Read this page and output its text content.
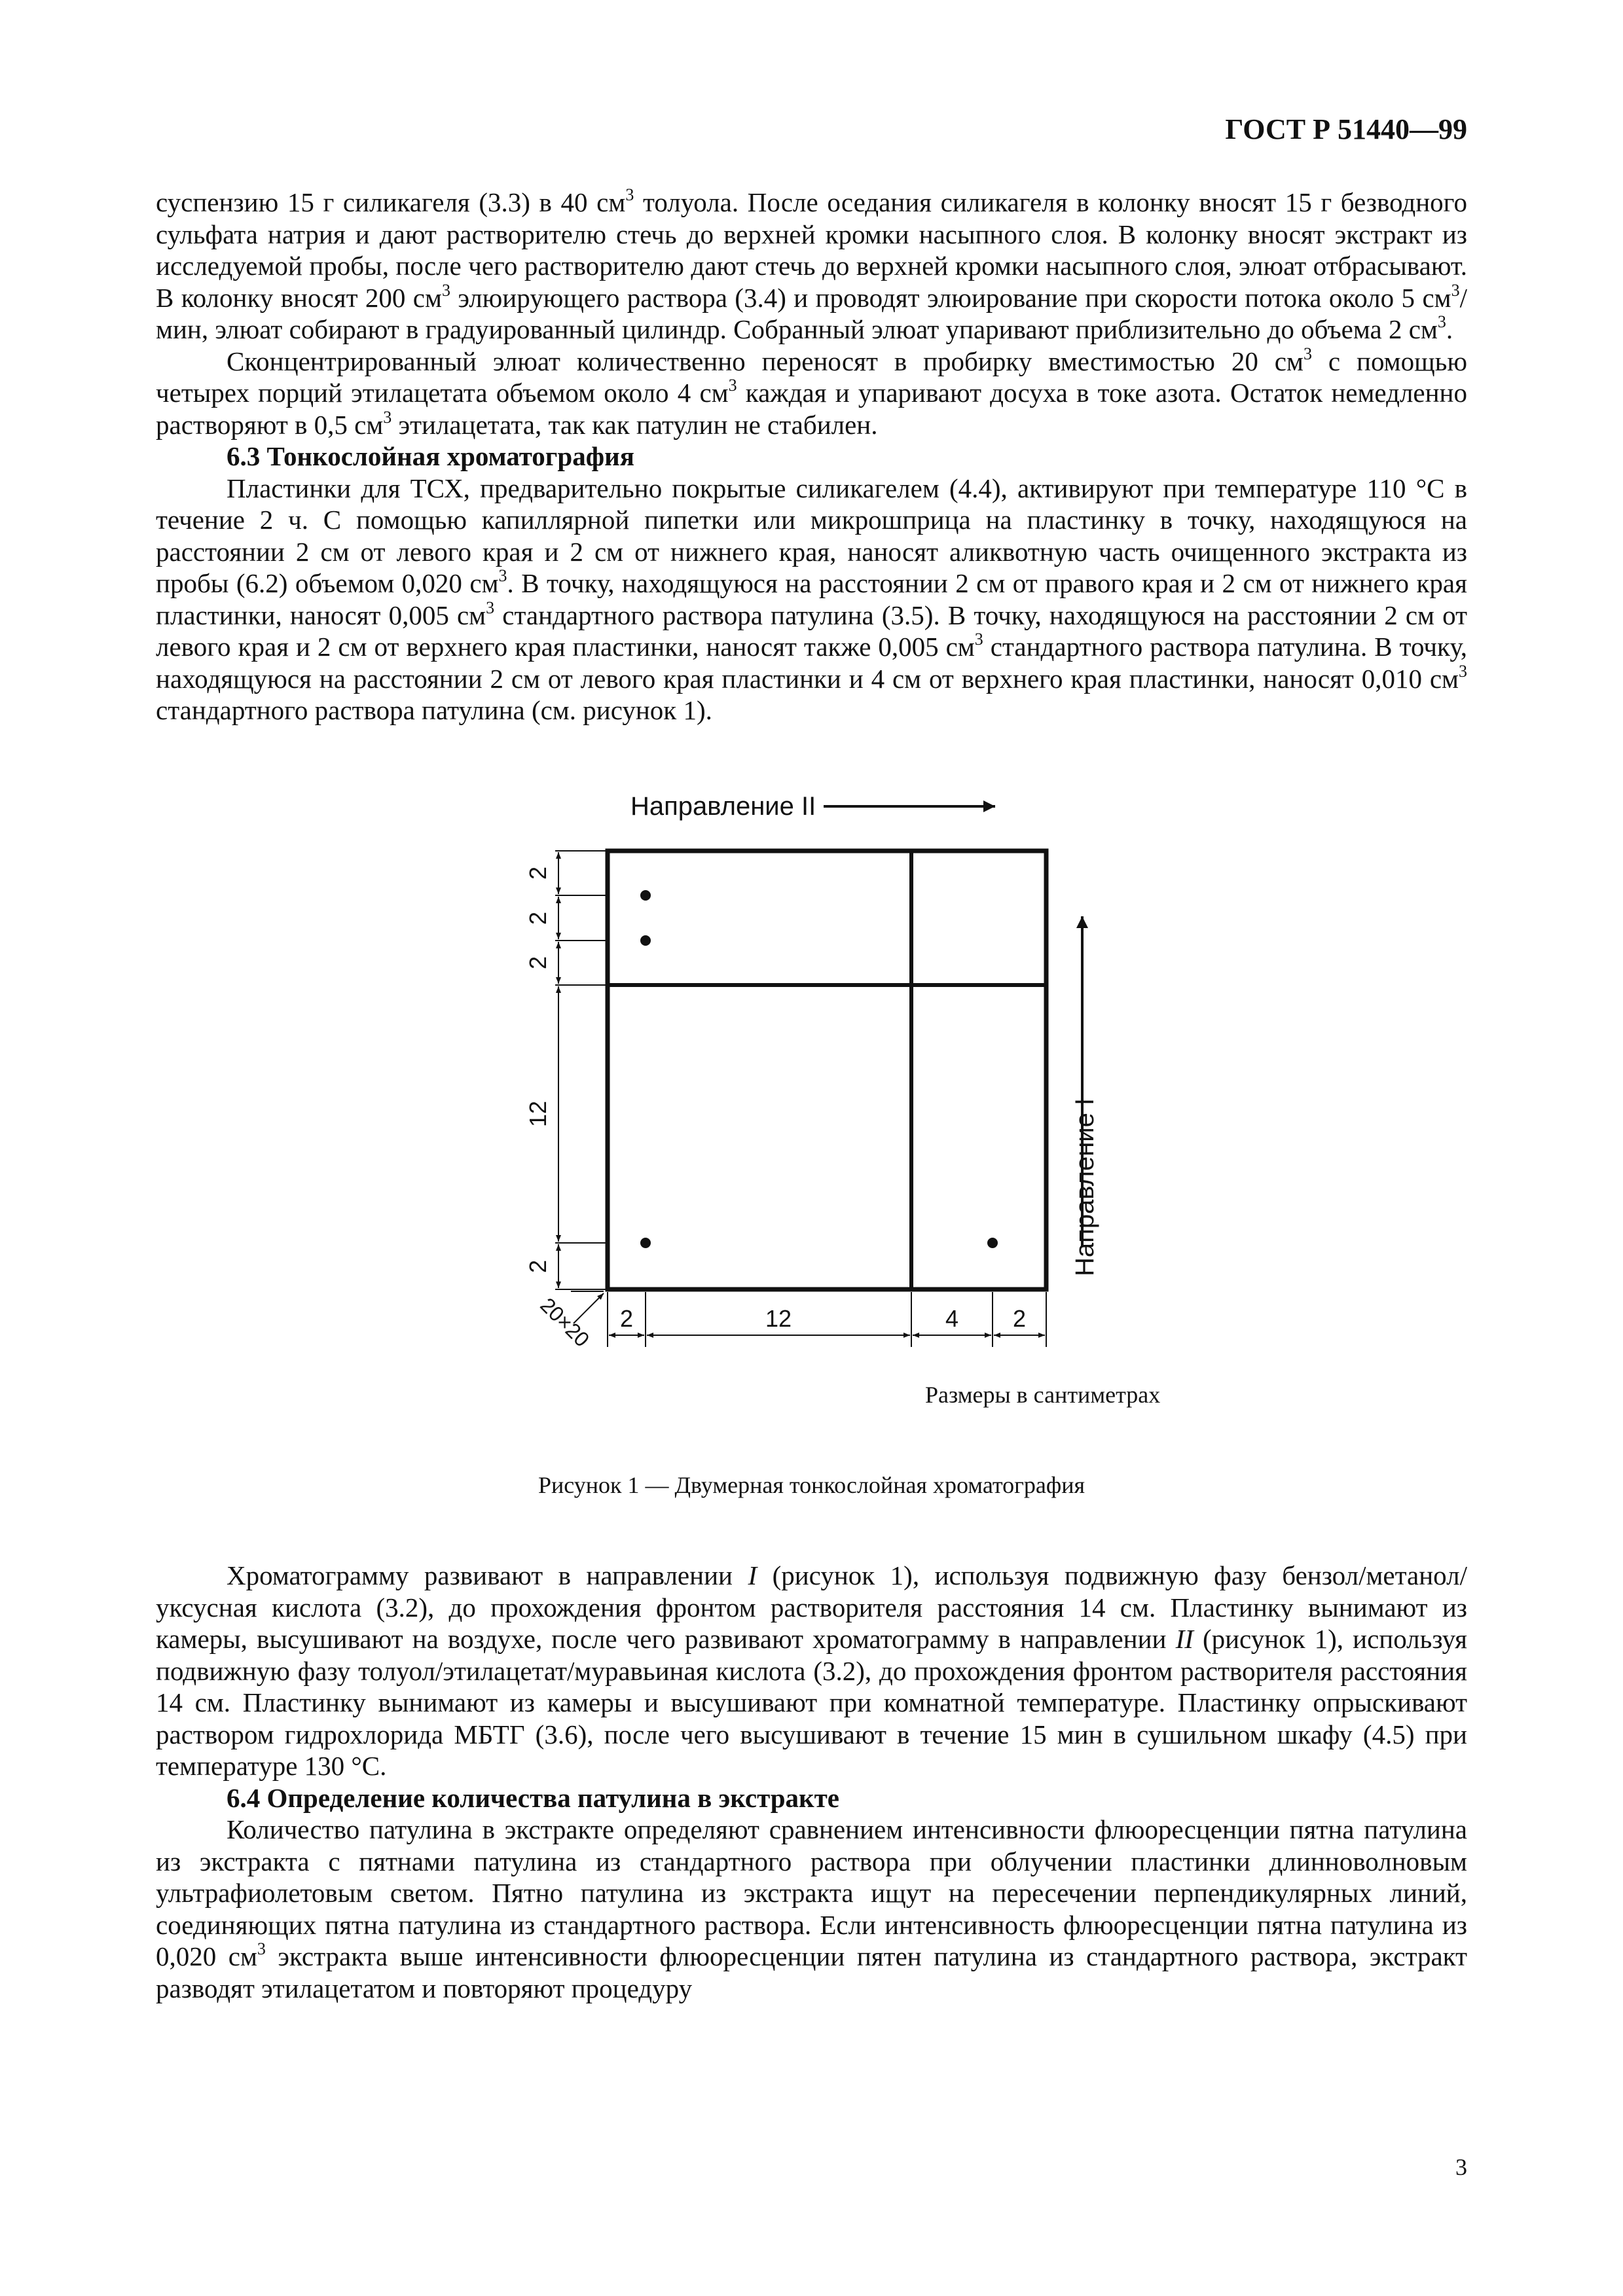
ГОСТ Р 51440—99

суспензию 15 г силикагеля (3.3) в 40 $см^3$ толуола. После оседания силикагеля в колонку вносят 15 г безводного сульфата натрия и дают растворителю стечь до верхней кромки насыпного слоя. В колонку вносят экстракт из исследуемой пробы, после чего растворителю дают стечь до верхней кромки насыпного слоя, элюат отбрасывают. В колонку вносят 200 $см^3$ элюирующего раствора (3.4) и проводят элюирование при скорости потока около 5 $см^3$/мин, элюат собирают в градуированный цилиндр. Собранный элюат упаривают приблизительно до объема 2 $см^3$.

Сконцентрированный элюат количественно переносят в пробирку вместимостью 20 $см^3$ с помощью четырех порций этилацетата объемом около 4 $см^3$ каждая и упаривают досуха в токе азота. Остаток немедленно растворяют в 0,5 $см^3$ этилацетата, так как патулин не стабилен.

6.3 Тонкослойная хроматография

Пластинки для ТСХ, предварительно покрытые силикагелем (4.4), активируют при температуре 110 °С в течение 2 ч. С помощью капиллярной пипетки или микрошприца на пластинку в точку, находящуюся на расстоянии 2 см от левого края и 2 см от нижнего края, наносят аликвотную часть очищенного экстракта из пробы (6.2) объемом 0,020 $см^3$. В точку, находящуюся на расстоянии 2 см от правого края и 2 см от нижнего края пластинки, наносят 0,005 $см^3$ стандартного раствора патулина (3.5). В точку, находящуюся на расстоянии 2 см от левого края и 2 см от верхнего края пластинки, наносят также 0,005 $см^3$ стандартного раствора патулина. В точку, находящуюся на расстоянии 2 см от левого края пластинки и 4 см от верхнего края пластинки, наносят 0,010 $см^3$ стандартного раствора патулина (см. рисунок 1).

Направление II
Направление I
2
2
2
12
2
2	12	4 2
20×20
Размеры в сантиметрах
Рисунок 1 — Двумерная тонкослойная хроматография

Хроматограмму развивают в направлении I (рисунок 1), используя подвижную фазу бензол/метанол/уксусная кислота (3.2), до прохождения фронтом растворителя расстояния 14 см. Пластинку вынимают из камеры, высушивают на воздухе, после чего развивают хроматограмму в направлении II (рисунок 1), используя подвижную фазу толуол/этилацетат/муравьиная кислота (3.2), до прохождения фронтом растворителя расстояния 14 см. Пластинку вынимают из камеры и высушивают при комнатной температуре. Пластинку опрыскивают раствором гидрохлорида МБТГ (3.6), после чего высушивают в течение 15 мин в сушильном шкафу (4.5) при температуре 130 °С.

6.4 Определение количества патулина в экстракте

Количество патулина в экстракте определяют сравнением интенсивности флюоресценции пятна патулина из экстракта с пятнами патулина из стандартного раствора при облучении пластинки длинноволновым ультрафиолетовым светом. Пятно патулина из экстракта ищут на пересечении перпендикулярных линий, соединяющих пятна патулина из стандартного раствора. Если интенсивность флюоресценции пятна патулина из 0,020 $см^3$ экстракта выше интенсивности флюоресценции пятен патулина из стандартного раствора, экстракт разводят этилацетатом и повторяют процедуру

3
